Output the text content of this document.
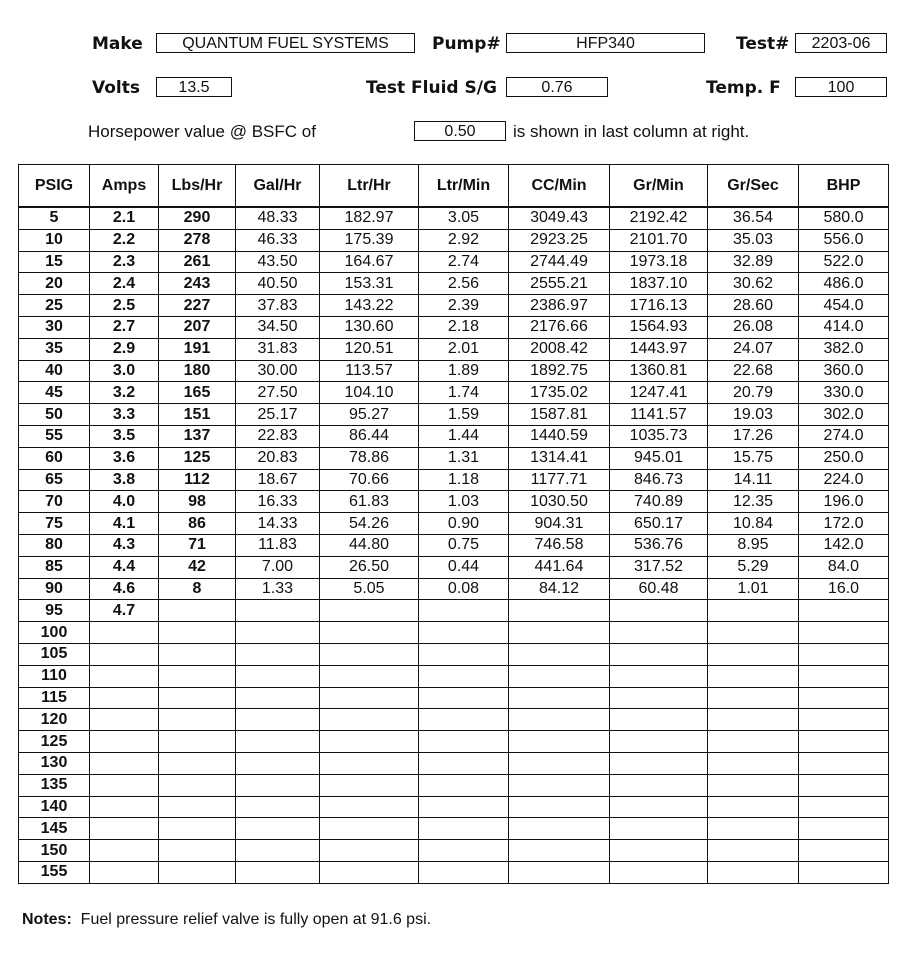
Make	QUANTUM FUEL SYSTEMS	Pump#	HFP340	Test#	2203-06
Volts	13.5	Test Fluid S/G	0.76	Temp. F	100
Horsepower value @ BSFC of	0.50	is shown in last column at right.
PSIG	Amps	Lbs/Hr	Gal/Hr	Ltr/Hr	Ltr/Min	CC/Min	Gr/Min	Gr/Sec	BHP
5	2.1	290	48.33	182.97	3.05	3049.43	2192.42	36.54	580.0
10	2.2	278	46.33	175.39	2.92	2923.25	2101.70	35.03	556.0
15	2.3	261	43.50	164.67	2.74	2744.49	1973.18	32.89	522.0
20	2.4	243	40.50	153.31	2.56	2555.21	1837.10	30.62	486.0
25	2.5	227	37.83	143.22	2.39	2386.97	1716.13	28.60	454.0
30	2.7	207	34.50	130.60	2.18	2176.66	1564.93	26.08	414.0
35	2.9	191	31.83	120.51	2.01	2008.42	1443.97	24.07	382.0
40	3.0	180	30.00	113.57	1.89	1892.75	1360.81	22.68	360.0
45	3.2	165	27.50	104.10	1.74	1735.02	1247.41	20.79	330.0
50	3.3	151	25.17	95.27	1.59	1587.81	1141.57	19.03	302.0
55	3.5	137	22.83	86.44	1.44	1440.59	1035.73	17.26	274.0
60	3.6	125	20.83	78.86	1.31	1314.41	945.01	15.75	250.0
65	3.8	112	18.67	70.66	1.18	1177.71	846.73	14.11	224.0
70	4.0	98	16.33	61.83	1.03	1030.50	740.89	12.35	196.0
75	4.1	86	14.33	54.26	0.90	904.31	650.17	10.84	172.0
80	4.3	71	11.83	44.80	0.75	746.58	536.76	8.95	142.0
85	4.4	42	7.00	26.50	0.44	441.64	317.52	5.29	84.0
90	4.6	8	1.33	5.05	0.08	84.12	60.48	1.01	16.0
95	4.7								
100									
105									
110									
115									
120									
125									
130									
135									
140									
145									
150									
155									
Notes: Fuel pressure relief valve is fully open at 91.6 psi.
